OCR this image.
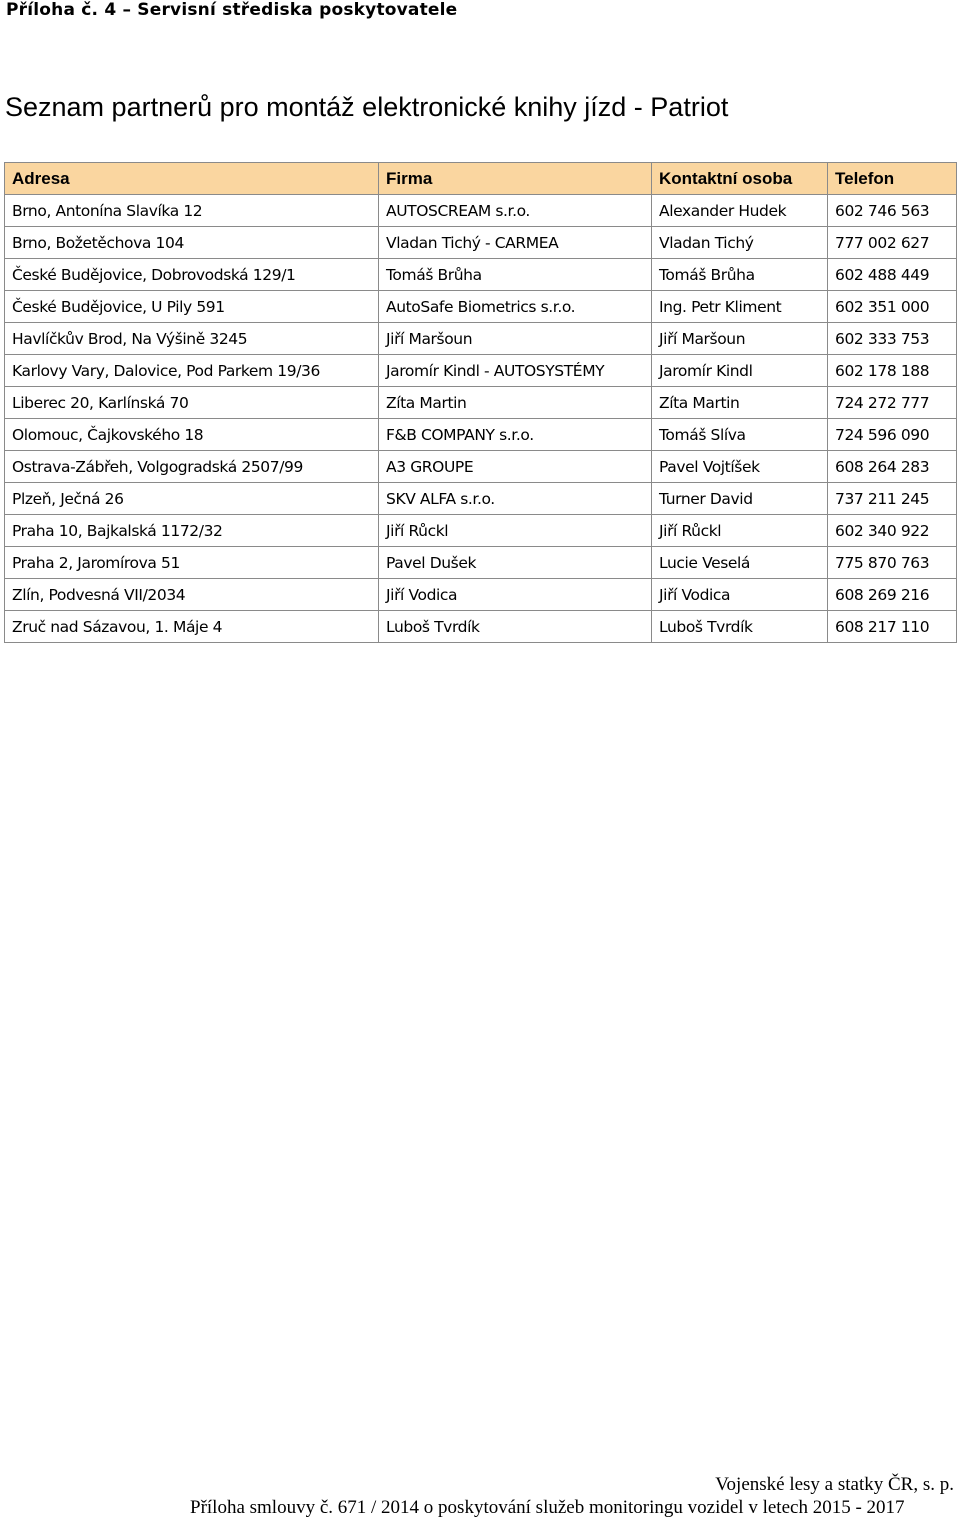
Příloha č. 4 – Servisní střediska poskytovatele
Seznam partnerů pro montáž elektronické knihy jízd - Patriot
Adresa	Firma	Kontaktní osoba	Telefon
Brno, Antonína Slavíka 12	AUTOSCREAM s.r.o.	Alexander Hudek	602 746 563
Brno, Božetěchova 104	Vladan Tichý - CARMEA	Vladan Tichý	777 002 627
České Budějovice, Dobrovodská 129/1	Tomáš Brůha	Tomáš Brůha	602 488 449
České Budějovice, U Pily 591	AutoSafe Biometrics s.r.o.	Ing. Petr Kliment	602 351 000
Havlíčkův Brod, Na Výšině 3245	Jiří Maršoun	Jiří Maršoun	602 333 753
Karlovy Vary, Dalovice, Pod Parkem 19/36	Jaromír Kindl - AUTOSYSTÉMY	Jaromír Kindl	602 178 188
Liberec 20, Karlínská 70	Zíta Martin	Zíta Martin	724 272 777
Olomouc, Čajkovského 18	F&B COMPANY s.r.o.	Tomáš Slíva	724 596 090
Ostrava-Zábřeh, Volgogradská 2507/99	A3 GROUPE	Pavel Vojtíšek	608 264 283
Plzeň, Ječná 26	SKV ALFA s.r.o.	Turner David	737 211 245
Praha 10, Bajkalská 1172/32	Jiří Růckl	Jiří Růckl	602 340 922
Praha 2, Jaromírova 51	Pavel Dušek	Lucie Veselá	775 870 763
Zlín, Podvesná VII/2034	Jiří Vodica	Jiří Vodica	608 269 216
Zruč nad Sázavou, 1. Máje 4	Luboš Tvrdík	Luboš Tvrdík	608 217 110
Vojenské lesy a statky ČR, s. p.
Příloha smlouvy č. 671 / 2014 o poskytování služeb monitoringu vozidel v letech 2015 - 2017
